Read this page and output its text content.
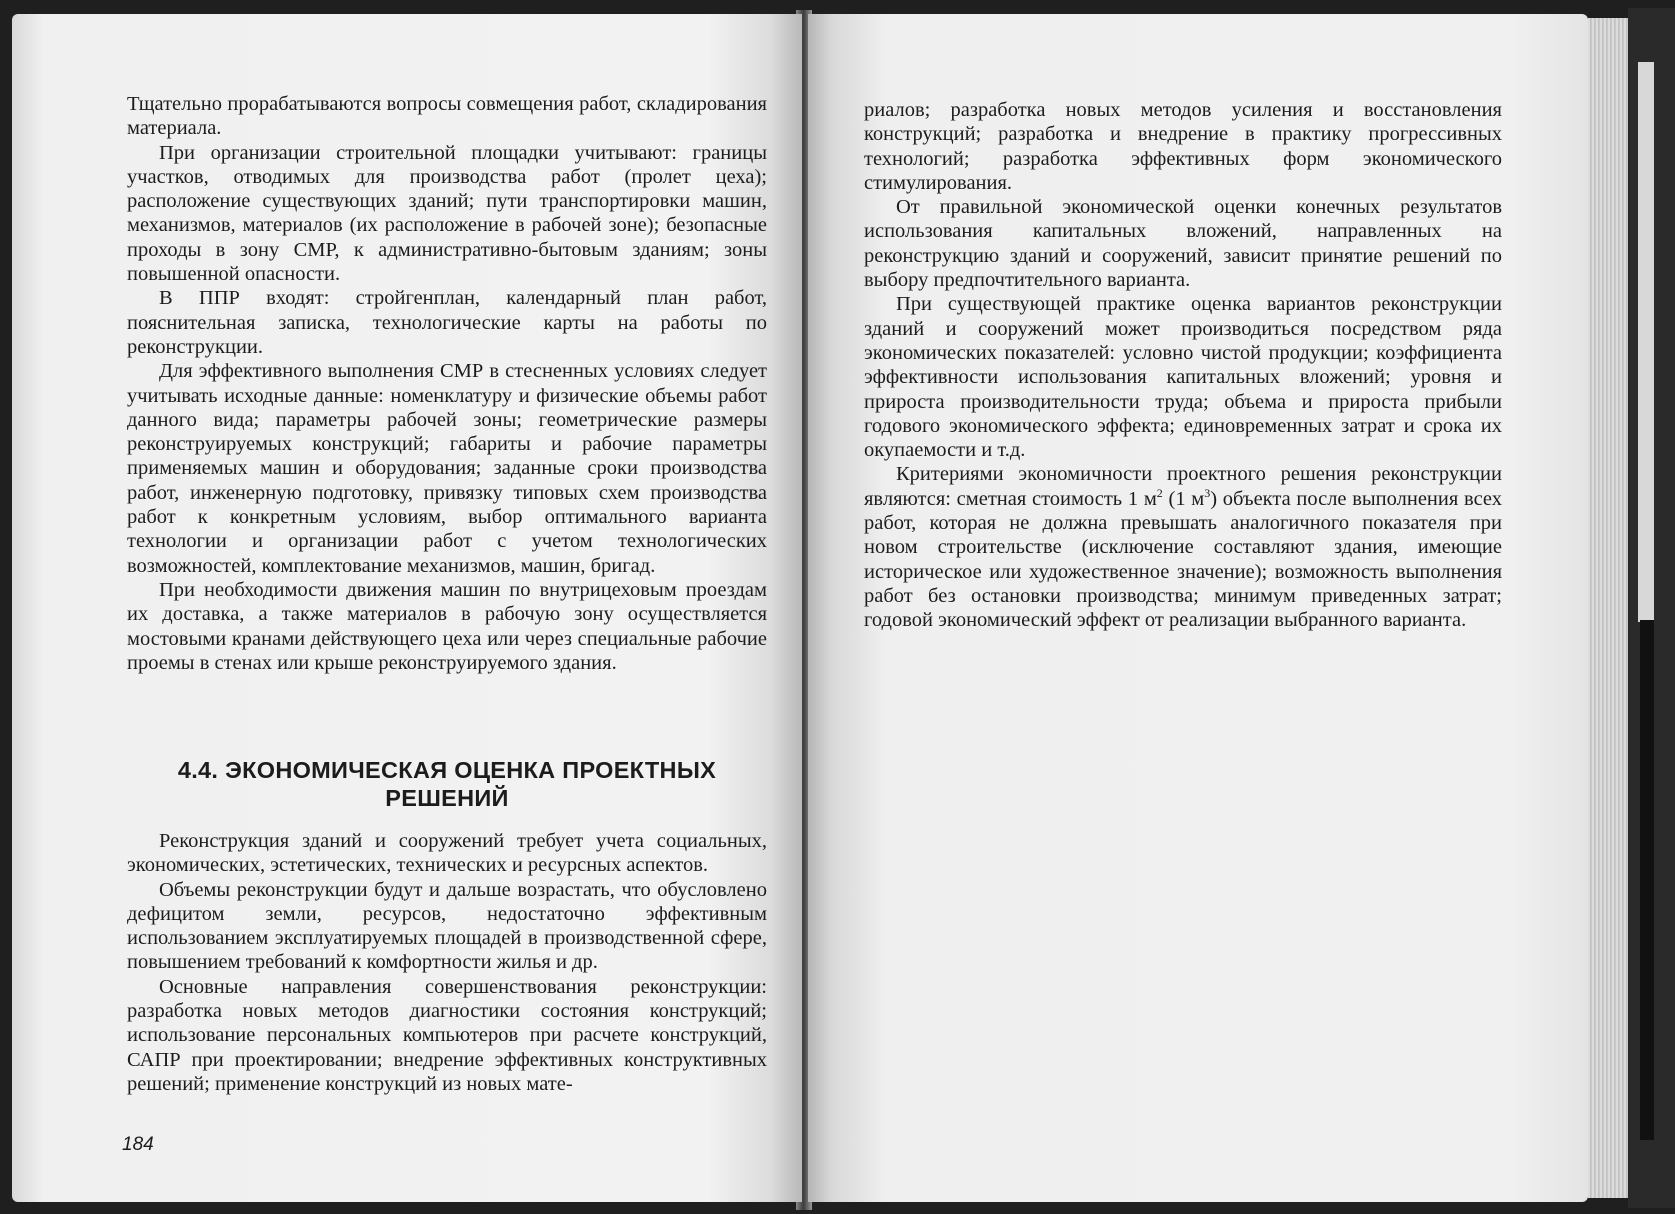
Тщательно прорабатываются вопросы совмещения работ, складирования материала.

При организации строительной площадки учитывают: границы участков, отводимых для производства работ (пролет цеха); расположение существующих зданий; пути транспортировки машин, механизмов, материалов (их расположение в рабочей зоне); безопасные проходы в зону СМР, к административно-бытовым зданиям; зоны повышенной опасности.

В ППР входят: стройгенплан, календарный план работ, пояснительная записка, технологические карты на работы по реконструкции.

Для эффективного выполнения СМР в стесненных условиях следует учитывать исходные данные: номенклатуру и физические объемы работ данного вида; параметры рабочей зоны; геометрические размеры реконструируемых конструкций; габариты и рабочие параметры применяемых машин и оборудования; заданные сроки производства работ, инженерную подготовку, привязку типовых схем производства работ к конкретным условиям, выбор оптимального варианта технологии и организации работ с учетом технологических возможностей, комплектование механизмов, машин, бригад.

При необходимости движения машин по внутрицеховым проездам их доставка, а также материалов в рабочую зону осуществляется мостовыми кранами действующего цеха или через специальные рабочие проемы в стенах или крыше реконструируемого здания.

4.4. ЭКОНОМИЧЕСКАЯ ОЦЕНКА ПРОЕКТНЫХ
РЕШЕНИЙ

Реконструкция зданий и сооружений требует учета социальных, экономических, эстетических, технических и ресурсных аспектов.

Объемы реконструкции будут и дальше возрастать, что обусловлено дефицитом земли, ресурсов, недостаточно эффективным использованием эксплуатируемых площадей в производственной сфере, повышением требований к комфортности жилья и др.

Основные направления совершенствования реконструкции: разработка новых методов диагностики состояния конструкций; использование персональных компьютеров при расчете конструкций, САПР при проектировании; внедрение эффективных конструктивных решений; применение конструкций из новых мате-

184

риалов; разработка новых методов усиления и восстановления конструкций; разработка и внедрение в практику прогрессивных технологий; разработка эффективных форм экономического стимулирования.

От правильной экономической оценки конечных результатов использования капитальных вложений, направленных на реконструкцию зданий и сооружений, зависит принятие решений по выбору предпочтительного варианта.

При существующей практике оценка вариантов реконструкции зданий и сооружений может производиться посредством ряда экономических показателей: условно чистой продукции; коэффициента эффективности использования капитальных вложений; уровня и прироста производительности труда; объема и прироста прибыли годового экономического эффекта; единовременных затрат и срока их окупаемости и т.д.

Критериями экономичности проектного решения реконструкции являются: сметная стоимость 1 $м^2$ (1 $м^3$) объекта после выполнения всех работ, которая не должна превышать аналогичного показателя при новом строительстве (исключение составляют здания, имеющие историческое или художественное значение); возможность выполнения работ без остановки производства; минимум приведенных затрат; годовой экономический эффект от реализации выбранного варианта.
